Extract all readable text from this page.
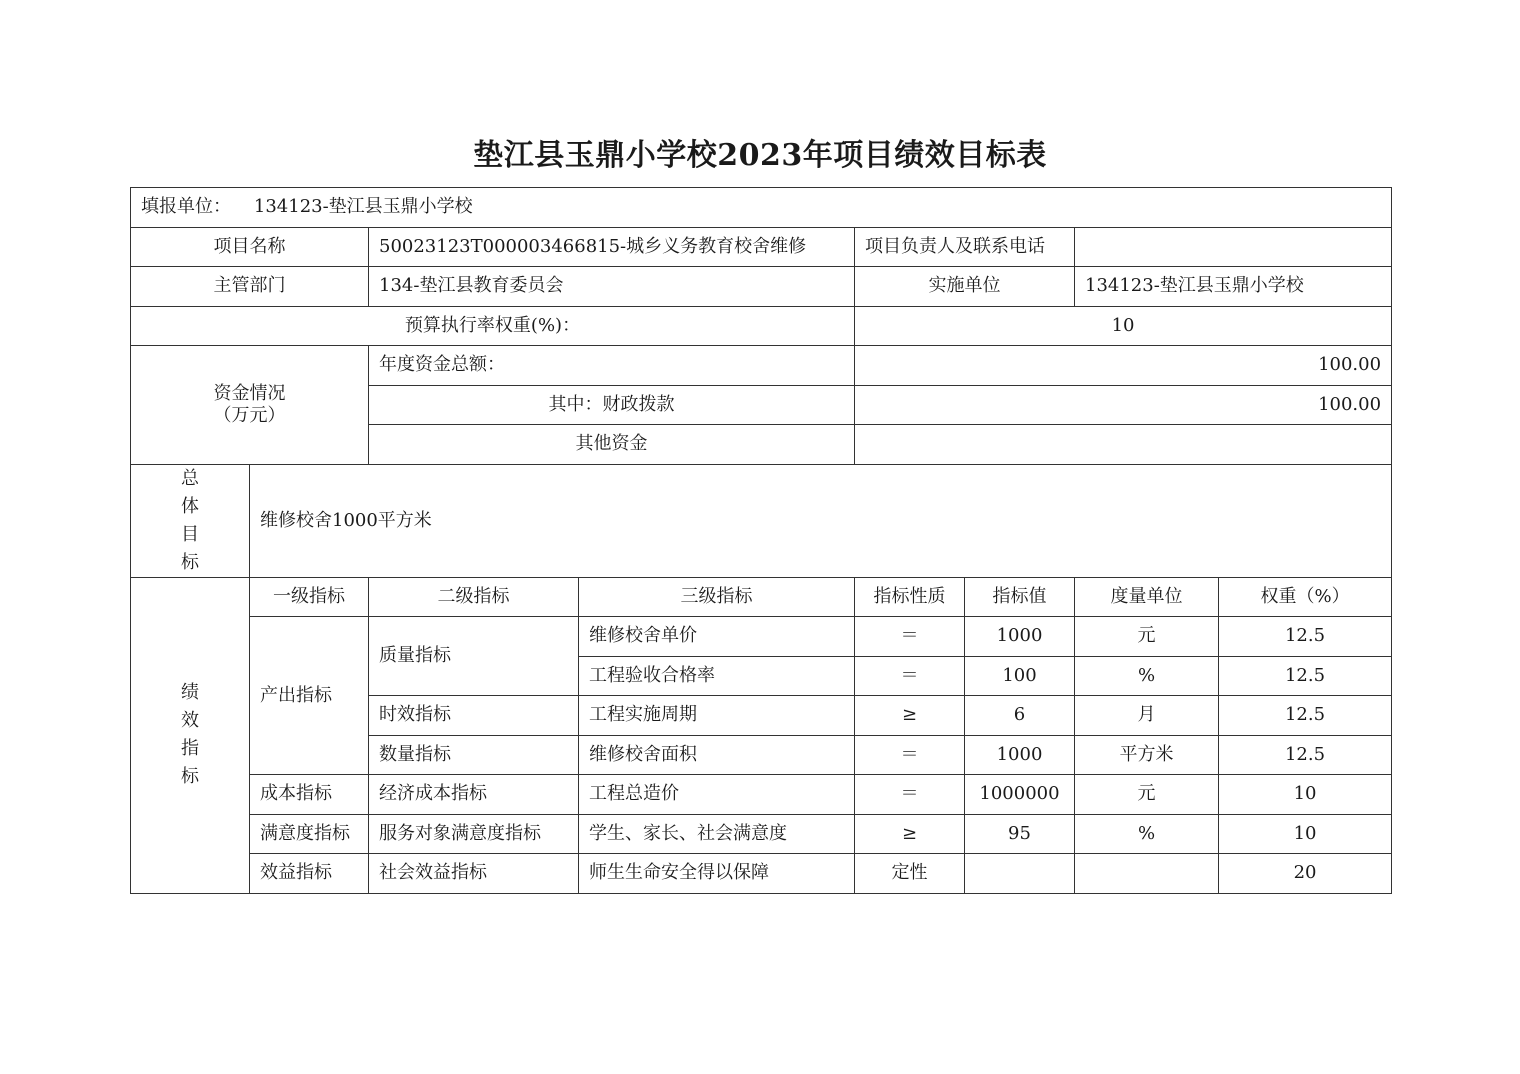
垫江县玉鼎小学校2023年项目绩效目标表
填报单位： 134123-垫江县玉鼎小学校							
项目名称		50023123T000003466815-城乡义务教育校舍维修		项目负责人及联系电话			
主管部门		134-垫江县教育委员会		实施单位		134123-垫江县玉鼎小学校	
预算执行率权重(%)：				10			

资金情况
（万元）		年度资金总额：		100.00			
		其中：财政拨款		100.00			
		其他资金					

总
体
目
标	维修校舍1000平方米						

绩
效
指
标	一级指标	二级指标	三级指标	指标性质	指标值	度量单位	权重（%）
	产出指标	质量指标	维修校舍单价	＝	1000	元	12.5
			工程验收合格率	＝	100	%	12.5
		时效指标	工程实施周期	≥	6	月	12.5
		数量指标	维修校舍面积	＝	1000	平方米	12.5
	成本指标	经济成本指标	工程总造价	＝	1000000	元	10
	满意度指标	服务对象满意度指标	学生、家长、社会满意度	≥	95	%	10
	效益指标	社会效益指标	师生生命安全得以保障	定性			20
